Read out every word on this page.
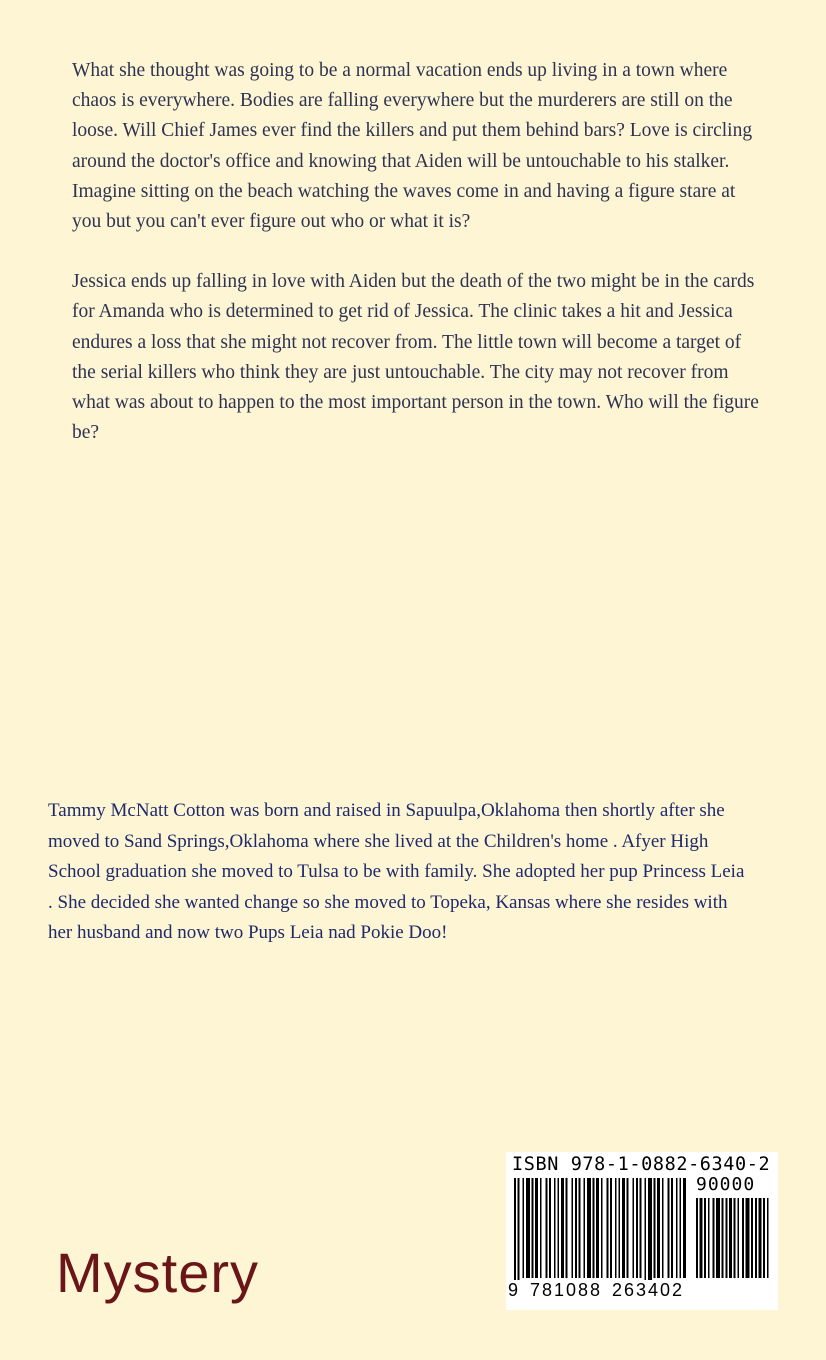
What she thought was going to be a normal vacation ends up living in a town where chaos is everywhere. Bodies are falling everywhere but the murderers are still on the loose. Will Chief James ever find the killers and put them behind bars? Love is circling around the doctor's office and knowing that Aiden will be untouchable to his stalker. Imagine sitting on the beach watching the waves come in and having a figure stare at you but you can't ever figure out who or what it is?

Jessica ends up falling in love with Aiden but the death of the two might be in the cards for Amanda who is determined to get rid of Jessica. The clinic takes a hit and Jessica endures a loss that she might not recover from. The little town will become a target of the serial killers who think they are just untouchable. The city may not recover from what was about to happen to the most important person in the town. Who will the figure be?

Tammy McNatt Cotton was born and raised in Sapuulpa,Oklahoma then shortly after she moved to Sand Springs,Oklahoma where she lived at the Children's home . Afyer High School graduation she moved to Tulsa to be with family. She adopted her pup Princess Leia . She decided she wanted change so she moved to Topeka, Kansas where she resides with her husband and now two Pups Leia nad Pokie Doo!

Mystery
ISBN 978-1-0882-6340-2
90000
9 781088 263402
